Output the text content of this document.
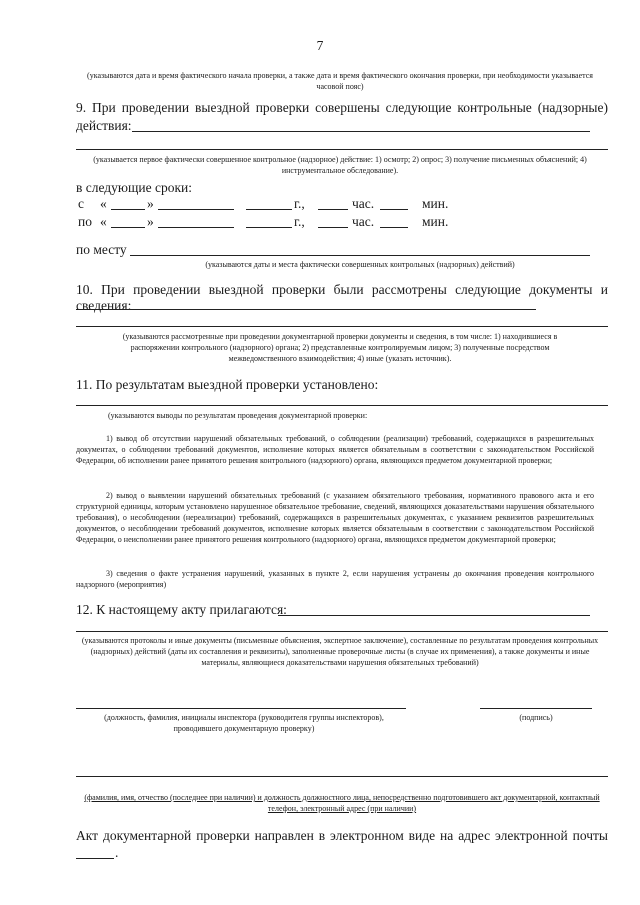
7
(указываются дата и время фактического начала проверки, а также дата и время фактического окончания проверки, при необходимости указывается часовой пояс)
9. При проведении выездной проверки совершены следующие контрольные (надзорные)
действия:
(указывается первое фактически совершенное контрольное (надзорное) действие: 1) осмотр; 2) опрос; 3) получение письменных объяснений; 4) инструментальное обследование).
в следующие сроки:
с «	»	г.,	час.	мин.
по «	»	г.,	час.	мин.
по месту
(указываются даты и места фактически совершенных контрольных (надзорных) действий)
10. При проведении выездной проверки были рассмотрены следующие документы и сведения:
(указываются рассмотренные при проведении документарной проверки документы и сведения, в том числе: 1) находившиеся в распоряжении контрольного (надзорного) органа; 2) представленные контролируемым лицом; 3) полученные посредством межведомственного взаимодействия; 4) иные (указать источник).
11. По результатам выездной проверки установлено:
(указываются выводы по результатам проведения документарной проверки:
1) вывод об отсутствии нарушений обязательных требований, о соблюдении (реализации) требований, содержащихся в разрешительных документах, о соблюдении требований документов, исполнение которых является обязательным в соответствии с законодательством Российской Федерации, об исполнении ранее принятого решения контрольного (надзорного) органа, являющихся предметом документарной проверки;
2) вывод о выявлении нарушений обязательных требований (с указанием обязательного требования, нормативного правового акта и его структурной единицы, которым установлено нарушенное обязательное требование, сведений, являющихся доказательствами нарушения обязательного требования), о несоблюдении (нереализации) требований, содержащихся в разрешительных документах, с указанием реквизитов разрешительных документов, о несоблюдении требований документов, исполнение которых является обязательным в соответствии с законодательством Российской Федерации, о неисполнении ранее принятого решения контрольного (надзорного) органа, являющихся предметом документарной проверки;
3) сведения о факте устранения нарушений, указанных в пункте 2, если нарушения устранены до окончания проведения контрольного надзорного (мероприятия)
12. К настоящему акту прилагаются:
(указываются протоколы и иные документы (письменные объяснения, экспертное заключение), составленные по результатам проведения контрольных (надзорных) действий (даты их составления и реквизиты), заполненные проверочные листы (в случае их применения), а также документы и иные материалы, являющиеся доказательствами нарушения обязательных требований)
(должность, фамилия, инициалы инспектора (руководителя группы инспекторов), проводившего документарную проверку)
(подпись)
(фамилия, имя, отчество (последнее при наличии) и должность должностного лица, непосредственно подготовившего акт документарной, контактный телефон, электронный адрес (при наличии)
Акт документарной проверки направлен в электронном виде на адрес электронной почты
.
